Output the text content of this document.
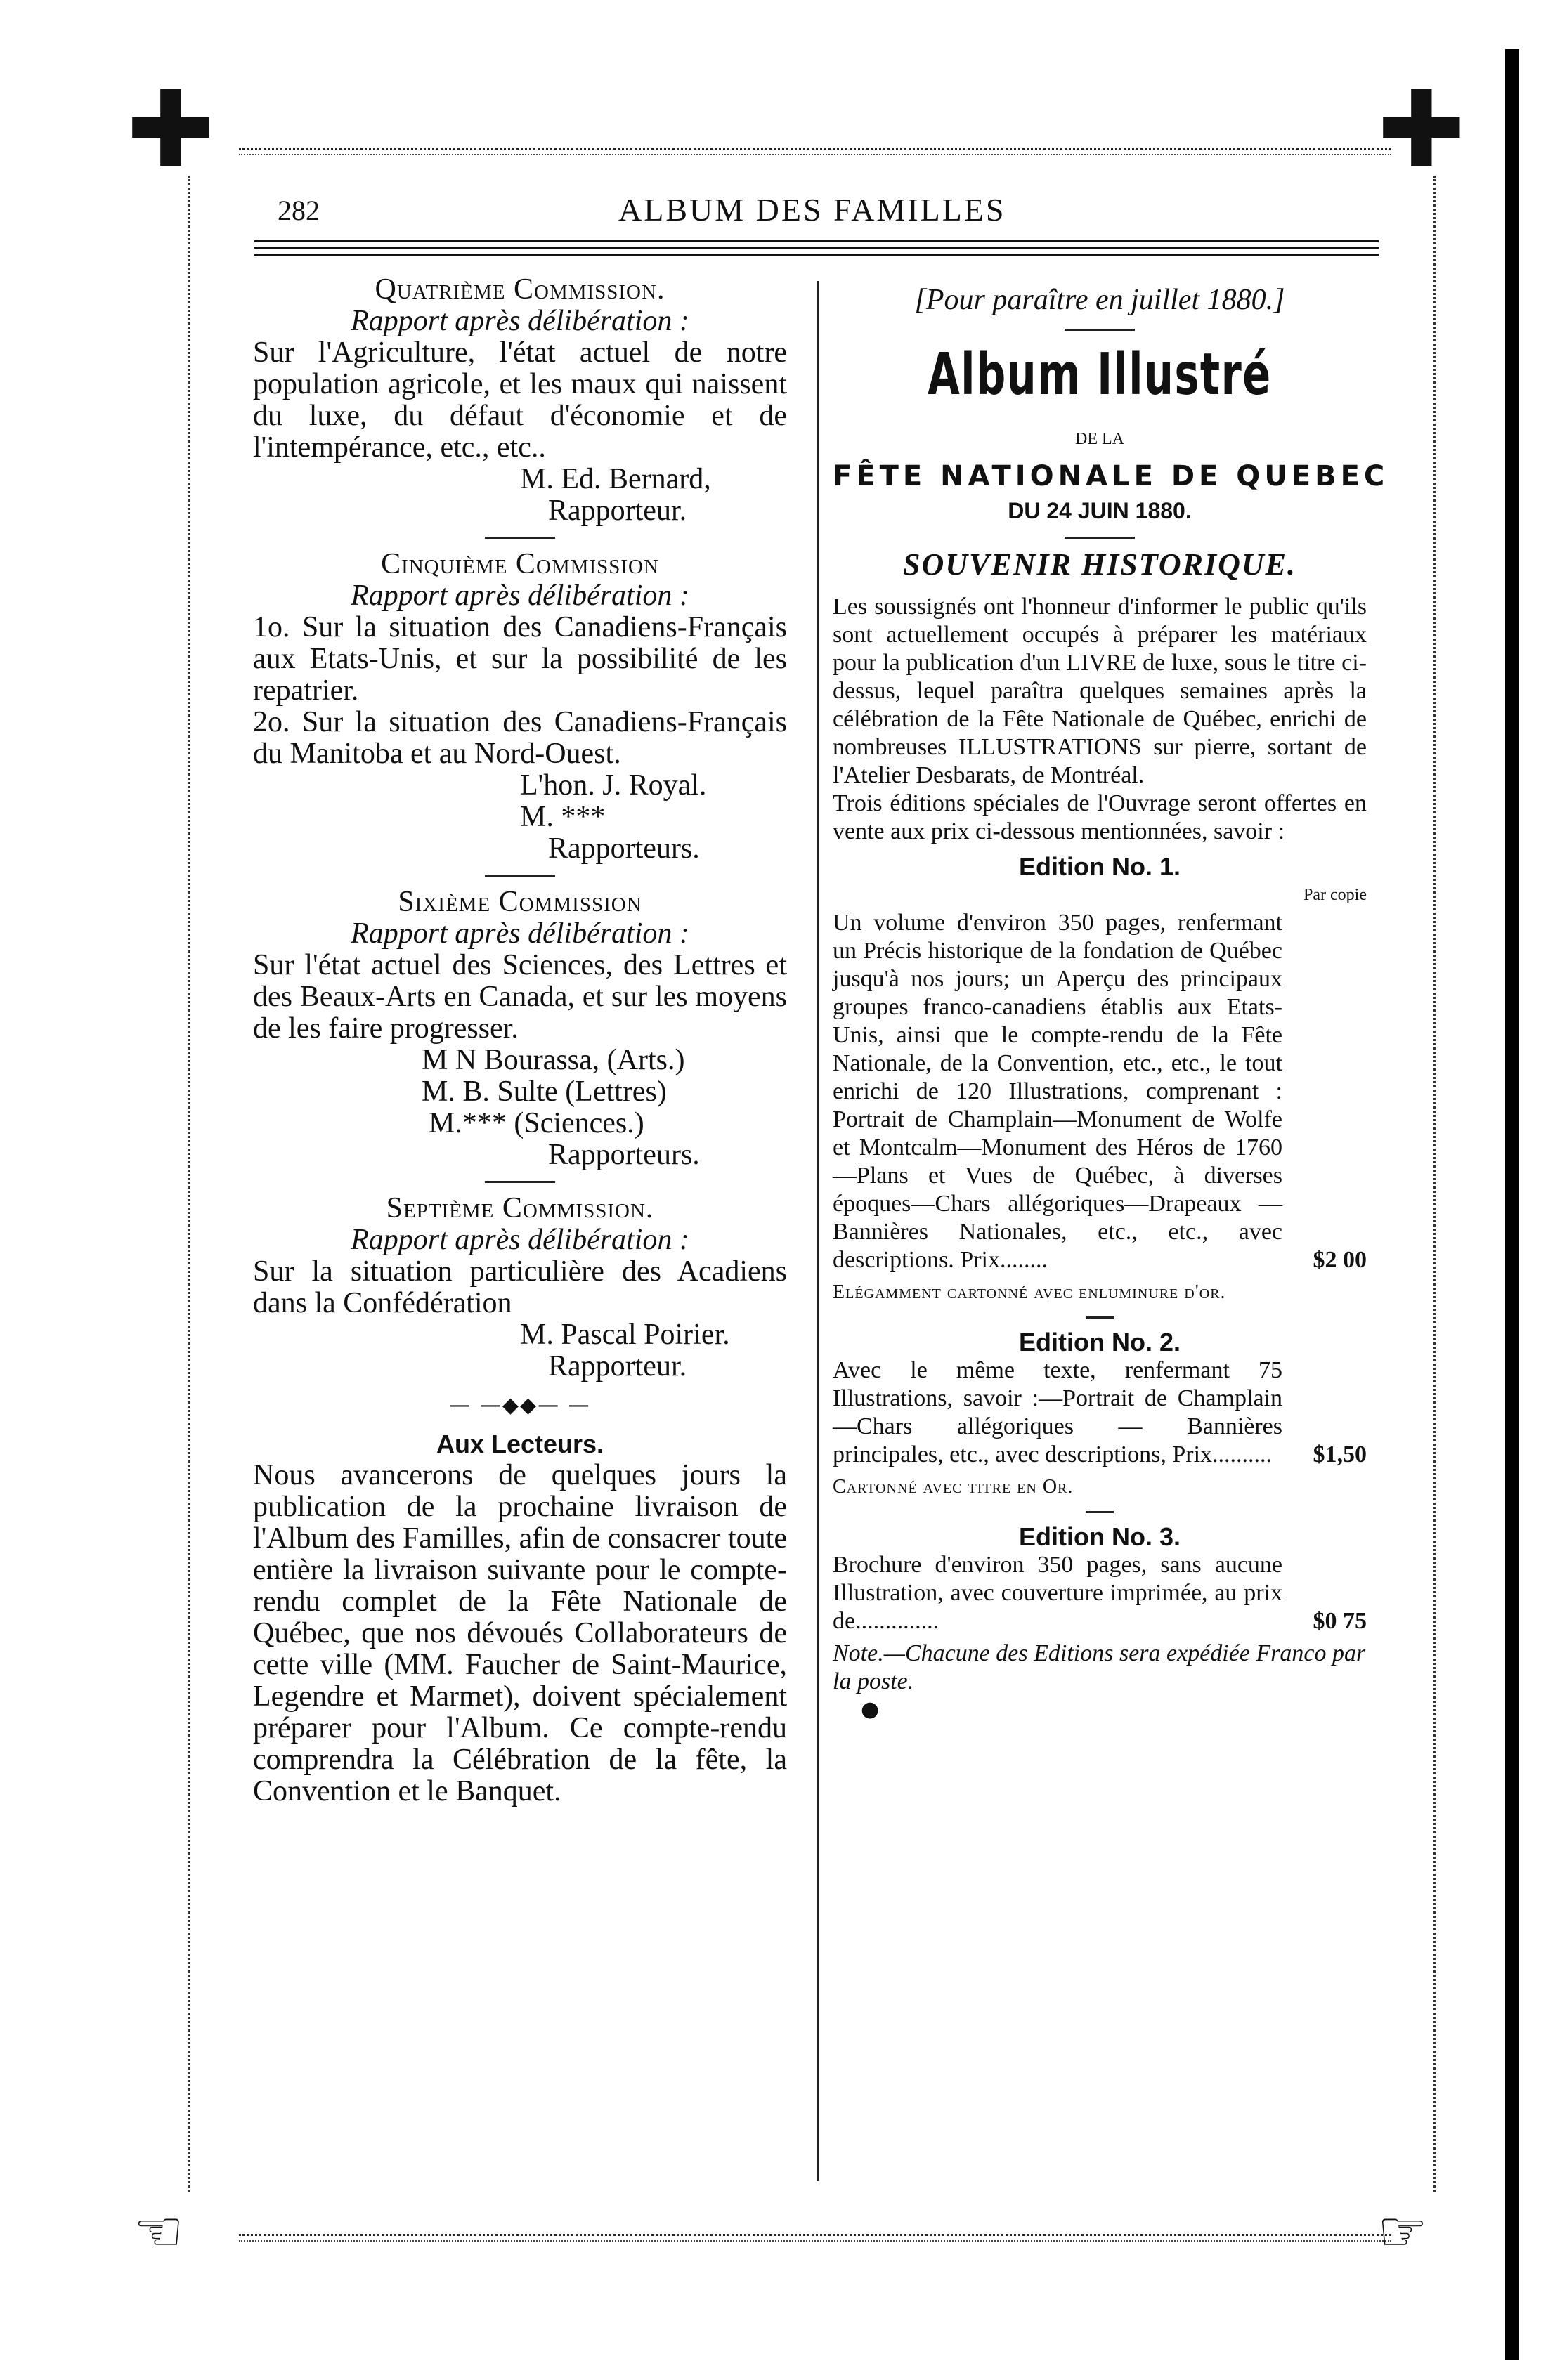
✚	✚
☜	☞
282	ALBUM DES FAMILLES

Quatrième Commission.

Rapport après délibération :

Sur l'Agriculture, l'état actuel de notre population agricole, et les maux qui naissent du luxe, du défaut d'économie et de l'intempérance, etc., etc..

M. Ed. Bernard,

Rapporteur.

Cinquième Commission

Rapport après délibération :

1o. Sur la situation des Canadiens-Français aux Etats-Unis, et sur la possibilité de les repatrier.

2o. Sur la situation des Canadiens-Français du Manitoba et au Nord-Ouest.

L'hon. J. Royal.

M. ***

Rapporteurs.

Sixième Commission

Rapport après délibération :

Sur l'état actuel des Sciences, des Lettres et des Beaux-Arts en Canada, et sur les moyens de les faire progresser.

M N Bourassa, (Arts.)

M. B. Sulte (Lettres)

M.*** (Sciences.)

Rapporteurs.

Septième Commission.

Rapport après délibération :

Sur la situation particulière des Acadiens dans la Confédération

M. Pascal Poirier.

Rapporteur.

— —◆◆— —

Aux Lecteurs.

Nous avancerons de quelques jours la publication de la prochaine livraison de l'Album des Familles, afin de consacrer toute entière la livraison suivante pour le compte-rendu complet de la Fête Nationale de Québec, que nos dévoués Collaborateurs de cette ville (MM. Faucher de Saint-Maurice, Legendre et Marmet), doivent spécialement préparer pour l'Album. Ce compte-rendu comprendra la Célébration de la fête, la Convention et le Banquet.

[Pour paraître en juillet 1880.]

Album Illustré

DE LA

FÊTE NATIONALE DE QUEBEC

DU 24 JUIN 1880.

SOUVENIR HISTORIQUE.

Les soussignés ont l'honneur d'informer le public qu'ils sont actuellement occupés à préparer les matériaux pour la publication d'un LIVRE de luxe, sous le titre ci-dessus, lequel paraîtra quelques semaines après la célébration de la Fête Nationale de Québec, enrichi de nombreuses ILLUSTRATIONS sur pierre, sortant de l'Atelier Desbarats, de Montréal.

Trois éditions spéciales de l'Ouvrage seront offertes en vente aux prix ci-dessous mentionnées, savoir :

Edition No. 1.

Par copie

Un volume d'environ 350 pages, renfermant un Précis historique de la fondation de Québec jusqu'à nos jours; un Aperçu des principaux groupes franco-canadiens établis aux Etats-Unis, ainsi que le compte-rendu de la Fête Nationale, de la Convention, etc., etc., le tout enrichi de 120 Illustrations, comprenant : Portrait de Champlain—Monument de Wolfe et Montcalm—Monument des Héros de 1760—Plans et Vues de Québec, à diverses époques—Chars allégoriques—Drapeaux — Bannières Nationales, etc., etc., avec descriptions. Prix........	$2 00

Elégamment cartonné avec enluminure d'or.

Edition No. 2.

Avec le même texte, renfermant 75 Illustrations, savoir :—Portrait de Champlain—Chars allégoriques — Bannières principales, etc., avec descriptions, Prix..........	$1,50

Cartonné avec titre en Or.

Edition No. 3.

Brochure d'environ 350 pages, sans aucune Illustration, avec couverture imprimée, au prix de..............	$0 75

Note.—Chacune des Editions sera expédiée Franco par la poste.

●
